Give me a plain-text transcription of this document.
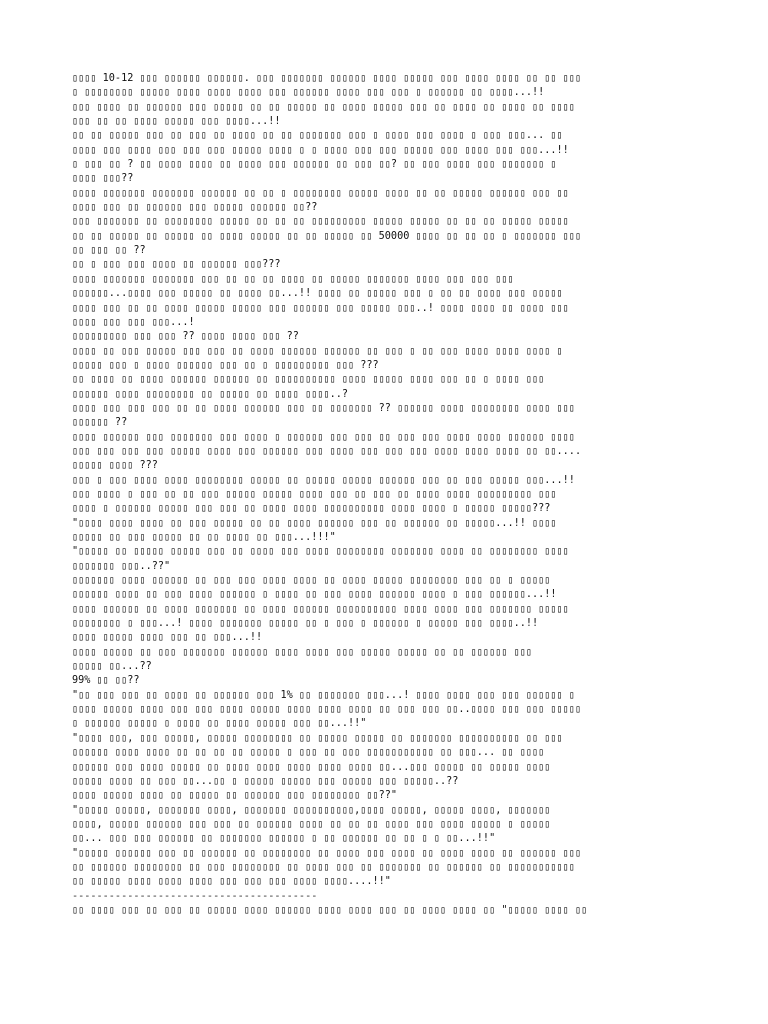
▯▯▯▯ 10-12 ▯▯▯ ▯▯▯▯▯▯ ▯▯▯▯▯▯. ▯▯▯ ▯▯▯▯▯▯▯ ▯▯▯▯▯▯ ▯▯▯▯ ▯▯▯▯▯ ▯▯▯ ▯▯▯▯ ▯▯▯▯ ▯▯ ▯▯ ▯▯▯
▯ ▯▯▯▯▯▯▯▯ ▯▯▯▯▯ ▯▯▯▯ ▯▯▯▯ ▯▯▯▯ ▯▯▯ ▯▯▯▯▯▯ ▯▯▯▯ ▯▯▯ ▯▯▯ ▯ ▯▯▯▯▯▯ ▯▯ ▯▯▯▯...!!
▯▯▯ ▯▯▯▯ ▯▯ ▯▯▯▯▯▯ ▯▯▯ ▯▯▯▯▯ ▯▯ ▯▯ ▯▯▯▯▯ ▯▯ ▯▯▯▯ ▯▯▯▯▯ ▯▯▯ ▯▯ ▯▯▯▯ ▯▯ ▯▯▯▯ ▯▯ ▯▯▯▯
▯▯▯ ▯▯ ▯▯ ▯▯▯▯ ▯▯▯▯▯ ▯▯▯ ▯▯▯▯...!!
▯▯ ▯▯ ▯▯▯▯▯ ▯▯▯ ▯▯ ▯▯▯ ▯▯ ▯▯▯▯ ▯▯ ▯▯ ▯▯▯▯▯▯▯ ▯▯▯ ▯ ▯▯▯▯ ▯▯▯ ▯▯▯▯ ▯ ▯▯▯ ▯▯▯... ▯▯
▯▯▯▯ ▯▯▯ ▯▯▯▯ ▯▯▯ ▯▯▯ ▯▯▯ ▯▯▯▯▯ ▯▯▯▯ ▯ ▯ ▯▯▯▯ ▯▯▯ ▯▯▯ ▯▯▯▯▯ ▯▯▯ ▯▯▯▯ ▯▯▯ ▯▯▯...!!
▯ ▯▯▯ ▯▯ ? ▯▯ ▯▯▯▯ ▯▯▯▯ ▯▯ ▯▯▯▯ ▯▯▯ ▯▯▯▯▯▯ ▯▯ ▯▯▯ ▯▯? ▯▯ ▯▯▯ ▯▯▯▯ ▯▯▯ ▯▯▯▯▯▯▯ ▯
▯▯▯▯ ▯▯▯??
▯▯▯▯ ▯▯▯▯▯▯▯ ▯▯▯▯▯▯▯ ▯▯▯▯▯▯ ▯▯ ▯▯ ▯ ▯▯▯▯▯▯▯▯ ▯▯▯▯▯ ▯▯▯▯ ▯▯ ▯▯ ▯▯▯▯▯ ▯▯▯▯▯▯ ▯▯▯ ▯▯
▯▯▯▯ ▯▯▯ ▯▯ ▯▯▯▯▯▯ ▯▯▯ ▯▯▯▯▯ ▯▯▯▯▯▯ ▯▯??
▯▯▯ ▯▯▯▯▯▯▯ ▯▯ ▯▯▯▯▯▯▯▯ ▯▯▯▯▯ ▯▯ ▯▯ ▯▯ ▯▯▯▯▯▯▯▯▯ ▯▯▯▯▯ ▯▯▯▯▯ ▯▯ ▯▯ ▯▯ ▯▯▯▯▯ ▯▯▯▯▯
▯▯ ▯▯ ▯▯▯▯▯ ▯▯ ▯▯▯▯▯ ▯▯ ▯▯▯▯ ▯▯▯▯▯ ▯▯ ▯▯ ▯▯▯▯▯ ▯▯ 50000 ▯▯▯▯ ▯▯ ▯▯ ▯▯ ▯ ▯▯▯▯▯▯▯ ▯▯▯
▯▯ ▯▯▯ ▯▯ ??
▯▯ ▯ ▯▯▯ ▯▯▯ ▯▯▯▯ ▯▯ ▯▯▯▯▯▯ ▯▯▯???
▯▯▯▯ ▯▯▯▯▯▯▯ ▯▯▯▯▯▯▯ ▯▯▯ ▯▯ ▯▯ ▯▯ ▯▯▯▯ ▯▯ ▯▯▯▯▯ ▯▯▯▯▯▯▯ ▯▯▯▯ ▯▯▯ ▯▯▯ ▯▯▯
▯▯▯▯▯▯...▯▯▯▯ ▯▯▯ ▯▯▯▯▯ ▯▯ ▯▯▯▯ ▯▯...!! ▯▯▯▯ ▯▯ ▯▯▯▯▯ ▯▯▯ ▯ ▯▯ ▯▯ ▯▯▯▯ ▯▯▯ ▯▯▯▯▯
▯▯▯▯ ▯▯▯ ▯▯ ▯▯ ▯▯▯▯ ▯▯▯▯▯ ▯▯▯▯▯ ▯▯▯ ▯▯▯▯▯▯ ▯▯▯ ▯▯▯▯▯ ▯▯▯..! ▯▯▯▯ ▯▯▯▯ ▯▯ ▯▯▯▯ ▯▯▯
▯▯▯▯ ▯▯▯ ▯▯▯ ▯▯▯...!
▯▯▯▯▯▯▯▯▯ ▯▯▯ ▯▯▯ ?? ▯▯▯▯ ▯▯▯▯ ▯▯▯ ??
▯▯▯▯ ▯▯ ▯▯▯ ▯▯▯▯▯ ▯▯▯ ▯▯▯ ▯▯ ▯▯▯▯ ▯▯▯▯▯▯ ▯▯▯▯▯▯ ▯▯ ▯▯▯ ▯ ▯▯ ▯▯▯ ▯▯▯▯ ▯▯▯▯ ▯▯▯▯ ▯
▯▯▯▯▯ ▯▯▯ ▯ ▯▯▯▯ ▯▯▯▯▯▯ ▯▯▯ ▯▯ ▯ ▯▯▯▯▯▯▯▯▯ ▯▯▯ ???
▯▯ ▯▯▯▯ ▯▯ ▯▯▯▯ ▯▯▯▯▯▯ ▯▯▯▯▯▯ ▯▯ ▯▯▯▯▯▯▯▯▯▯ ▯▯▯▯ ▯▯▯▯▯ ▯▯▯▯ ▯▯▯ ▯▯ ▯ ▯▯▯▯ ▯▯▯
▯▯▯▯▯▯ ▯▯▯▯ ▯▯▯▯▯▯▯▯ ▯▯ ▯▯▯▯▯ ▯▯ ▯▯▯▯ ▯▯▯▯..?
▯▯▯▯ ▯▯▯ ▯▯▯ ▯▯▯ ▯▯ ▯▯ ▯▯▯▯ ▯▯▯▯▯▯ ▯▯▯ ▯▯ ▯▯▯▯▯▯▯ ?? ▯▯▯▯▯▯ ▯▯▯▯ ▯▯▯▯▯▯▯▯ ▯▯▯▯ ▯▯▯
▯▯▯▯▯▯ ??
▯▯▯▯ ▯▯▯▯▯▯ ▯▯▯ ▯▯▯▯▯▯▯ ▯▯▯ ▯▯▯▯ ▯ ▯▯▯▯▯▯ ▯▯▯ ▯▯▯ ▯▯ ▯▯▯ ▯▯▯ ▯▯▯▯ ▯▯▯▯ ▯▯▯▯▯▯ ▯▯▯▯
▯▯▯ ▯▯▯ ▯▯▯ ▯▯▯ ▯▯▯▯▯ ▯▯▯▯ ▯▯▯ ▯▯▯▯▯▯ ▯▯▯ ▯▯▯▯ ▯▯▯ ▯▯▯ ▯▯▯ ▯▯▯▯ ▯▯▯▯ ▯▯▯▯ ▯▯ ▯▯....
▯▯▯▯▯ ▯▯▯▯ ???
▯▯▯ ▯ ▯▯▯ ▯▯▯▯ ▯▯▯▯ ▯▯▯▯▯▯▯▯ ▯▯▯▯▯ ▯▯ ▯▯▯▯▯ ▯▯▯▯▯ ▯▯▯▯▯▯ ▯▯▯ ▯▯ ▯▯▯ ▯▯▯▯▯ ▯▯▯...!!
▯▯▯ ▯▯▯▯ ▯ ▯▯▯ ▯▯ ▯▯ ▯▯▯ ▯▯▯▯▯ ▯▯▯▯▯ ▯▯▯▯ ▯▯▯ ▯▯ ▯▯▯ ▯▯ ▯▯▯▯ ▯▯▯▯ ▯▯▯▯▯▯▯▯▯ ▯▯▯
▯▯▯▯ ▯ ▯▯▯▯▯▯ ▯▯▯▯▯ ▯▯▯ ▯▯▯ ▯▯ ▯▯▯▯ ▯▯▯▯ ▯▯▯▯▯▯▯▯▯▯ ▯▯▯▯ ▯▯▯▯ ▯ ▯▯▯▯▯ ▯▯▯▯▯???
"▯▯▯▯ ▯▯▯▯ ▯▯▯▯ ▯▯ ▯▯▯ ▯▯▯▯▯ ▯▯ ▯▯ ▯▯▯▯ ▯▯▯▯▯▯ ▯▯▯ ▯▯ ▯▯▯▯▯▯ ▯▯ ▯▯▯▯▯...!! ▯▯▯▯
▯▯▯▯▯ ▯▯ ▯▯▯ ▯▯▯▯▯ ▯▯ ▯▯ ▯▯▯▯ ▯▯ ▯▯▯...!!!"
"▯▯▯▯▯ ▯▯ ▯▯▯▯▯ ▯▯▯▯▯ ▯▯▯ ▯▯ ▯▯▯▯ ▯▯▯ ▯▯▯▯ ▯▯▯▯▯▯▯▯ ▯▯▯▯▯▯▯ ▯▯▯▯ ▯▯ ▯▯▯▯▯▯▯▯ ▯▯▯▯
▯▯▯▯▯▯▯ ▯▯▯..??"
▯▯▯▯▯▯▯ ▯▯▯▯ ▯▯▯▯▯▯ ▯▯ ▯▯▯ ▯▯▯ ▯▯▯▯ ▯▯▯▯ ▯▯ ▯▯▯▯ ▯▯▯▯▯ ▯▯▯▯▯▯▯▯ ▯▯▯ ▯▯ ▯ ▯▯▯▯▯
▯▯▯▯▯▯ ▯▯▯▯ ▯▯ ▯▯▯ ▯▯▯▯ ▯▯▯▯▯▯ ▯ ▯▯▯▯ ▯▯ ▯▯▯ ▯▯▯▯ ▯▯▯▯▯▯ ▯▯▯▯ ▯ ▯▯▯ ▯▯▯▯▯▯...!!
▯▯▯▯ ▯▯▯▯▯▯ ▯▯ ▯▯▯▯ ▯▯▯▯▯▯▯ ▯▯ ▯▯▯▯ ▯▯▯▯▯▯ ▯▯▯▯▯▯▯▯▯▯ ▯▯▯▯ ▯▯▯▯ ▯▯▯ ▯▯▯▯▯▯▯ ▯▯▯▯▯
▯▯▯▯▯▯▯▯ ▯ ▯▯▯...! ▯▯▯▯ ▯▯▯▯▯▯▯ ▯▯▯▯▯ ▯▯ ▯ ▯▯▯ ▯ ▯▯▯▯▯▯ ▯ ▯▯▯▯▯ ▯▯▯ ▯▯▯▯..!!
▯▯▯▯ ▯▯▯▯▯ ▯▯▯▯ ▯▯▯ ▯▯ ▯▯▯...!!
▯▯▯▯ ▯▯▯▯▯ ▯▯ ▯▯▯ ▯▯▯▯▯▯▯ ▯▯▯▯▯▯ ▯▯▯▯ ▯▯▯▯ ▯▯▯ ▯▯▯▯▯ ▯▯▯▯▯ ▯▯ ▯▯ ▯▯▯▯▯▯ ▯▯▯
▯▯▯▯▯ ▯▯...??
99% ▯▯ ▯▯??
"▯▯ ▯▯▯ ▯▯▯ ▯▯ ▯▯▯▯ ▯▯ ▯▯▯▯▯▯ ▯▯▯ 1% ▯▯ ▯▯▯▯▯▯▯ ▯▯▯...! ▯▯▯▯ ▯▯▯▯ ▯▯▯ ▯▯▯ ▯▯▯▯▯▯ ▯
▯▯▯▯ ▯▯▯▯▯ ▯▯▯▯ ▯▯▯ ▯▯▯ ▯▯▯▯ ▯▯▯▯▯ ▯▯▯▯ ▯▯▯▯ ▯▯▯▯ ▯▯ ▯▯▯ ▯▯▯ ▯▯..▯▯▯▯ ▯▯▯ ▯▯▯ ▯▯▯▯▯
▯ ▯▯▯▯▯▯ ▯▯▯▯▯ ▯ ▯▯▯▯ ▯▯ ▯▯▯▯ ▯▯▯▯▯ ▯▯▯ ▯▯...!!"
"▯▯▯▯ ▯▯▯, ▯▯▯ ▯▯▯▯▯, ▯▯▯▯▯ ▯▯▯▯▯▯▯▯ ▯▯ ▯▯▯▯▯ ▯▯▯▯▯ ▯▯ ▯▯▯▯▯▯▯ ▯▯▯▯▯▯▯▯▯▯ ▯▯ ▯▯▯
▯▯▯▯▯▯ ▯▯▯▯ ▯▯▯▯ ▯▯ ▯▯ ▯▯ ▯▯ ▯▯▯▯▯ ▯ ▯▯▯ ▯▯ ▯▯▯ ▯▯▯▯▯▯▯▯▯▯▯ ▯▯ ▯▯▯... ▯▯ ▯▯▯▯
▯▯▯▯▯▯ ▯▯▯ ▯▯▯▯ ▯▯▯▯▯ ▯▯ ▯▯▯▯ ▯▯▯▯ ▯▯▯▯ ▯▯▯▯ ▯▯▯▯ ▯▯...▯▯▯ ▯▯▯▯▯ ▯▯ ▯▯▯▯▯ ▯▯▯▯
▯▯▯▯▯ ▯▯▯▯ ▯▯ ▯▯▯ ▯▯...▯▯ ▯ ▯▯▯▯▯ ▯▯▯▯▯ ▯▯▯ ▯▯▯▯▯ ▯▯▯ ▯▯▯▯▯..??
▯▯▯▯ ▯▯▯▯▯ ▯▯▯▯ ▯▯ ▯▯▯▯▯ ▯▯ ▯▯▯▯▯▯ ▯▯▯ ▯▯▯▯▯▯▯▯ ▯▯??"
"▯▯▯▯▯ ▯▯▯▯▯, ▯▯▯▯▯▯▯ ▯▯▯▯, ▯▯▯▯▯▯▯ ▯▯▯▯▯▯▯▯▯▯,▯▯▯▯ ▯▯▯▯▯, ▯▯▯▯▯ ▯▯▯▯, ▯▯▯▯▯▯▯
▯▯▯▯, ▯▯▯▯▯ ▯▯▯▯▯▯ ▯▯▯ ▯▯▯ ▯▯ ▯▯▯▯▯▯ ▯▯▯▯ ▯▯ ▯▯ ▯▯ ▯▯▯▯ ▯▯▯ ▯▯▯▯ ▯▯▯▯▯ ▯ ▯▯▯▯▯
▯▯... ▯▯▯ ▯▯▯ ▯▯▯▯▯▯ ▯▯ ▯▯▯▯▯▯▯ ▯▯▯▯▯▯ ▯ ▯▯ ▯▯▯▯▯▯ ▯▯ ▯▯ ▯ ▯ ▯▯...!!"
"▯▯▯▯▯ ▯▯▯▯▯▯ ▯▯▯ ▯▯ ▯▯▯▯▯▯ ▯▯ ▯▯▯▯▯▯▯▯ ▯▯ ▯▯▯▯ ▯▯▯ ▯▯▯▯ ▯▯ ▯▯▯▯ ▯▯▯▯ ▯▯ ▯▯▯▯▯▯ ▯▯▯
▯▯ ▯▯▯▯▯▯ ▯▯▯▯▯▯▯▯ ▯▯ ▯▯▯ ▯▯▯▯▯▯▯▯ ▯▯ ▯▯▯▯ ▯▯▯ ▯▯ ▯▯▯▯▯▯▯ ▯▯ ▯▯▯▯▯▯ ▯▯ ▯▯▯▯▯▯▯▯▯▯▯
▯▯ ▯▯▯▯▯ ▯▯▯▯ ▯▯▯▯ ▯▯▯▯ ▯▯▯ ▯▯▯ ▯▯▯ ▯▯▯▯ ▯▯▯▯....!!"
----------------------------------------
▯▯ ▯▯▯▯ ▯▯▯ ▯▯ ▯▯▯ ▯▯ ▯▯▯▯▯ ▯▯▯▯ ▯▯▯▯▯▯ ▯▯▯▯ ▯▯▯▯ ▯▯▯ ▯▯ ▯▯▯▯ ▯▯▯▯ ▯▯ "▯▯▯▯▯ ▯▯▯▯ ▯▯
